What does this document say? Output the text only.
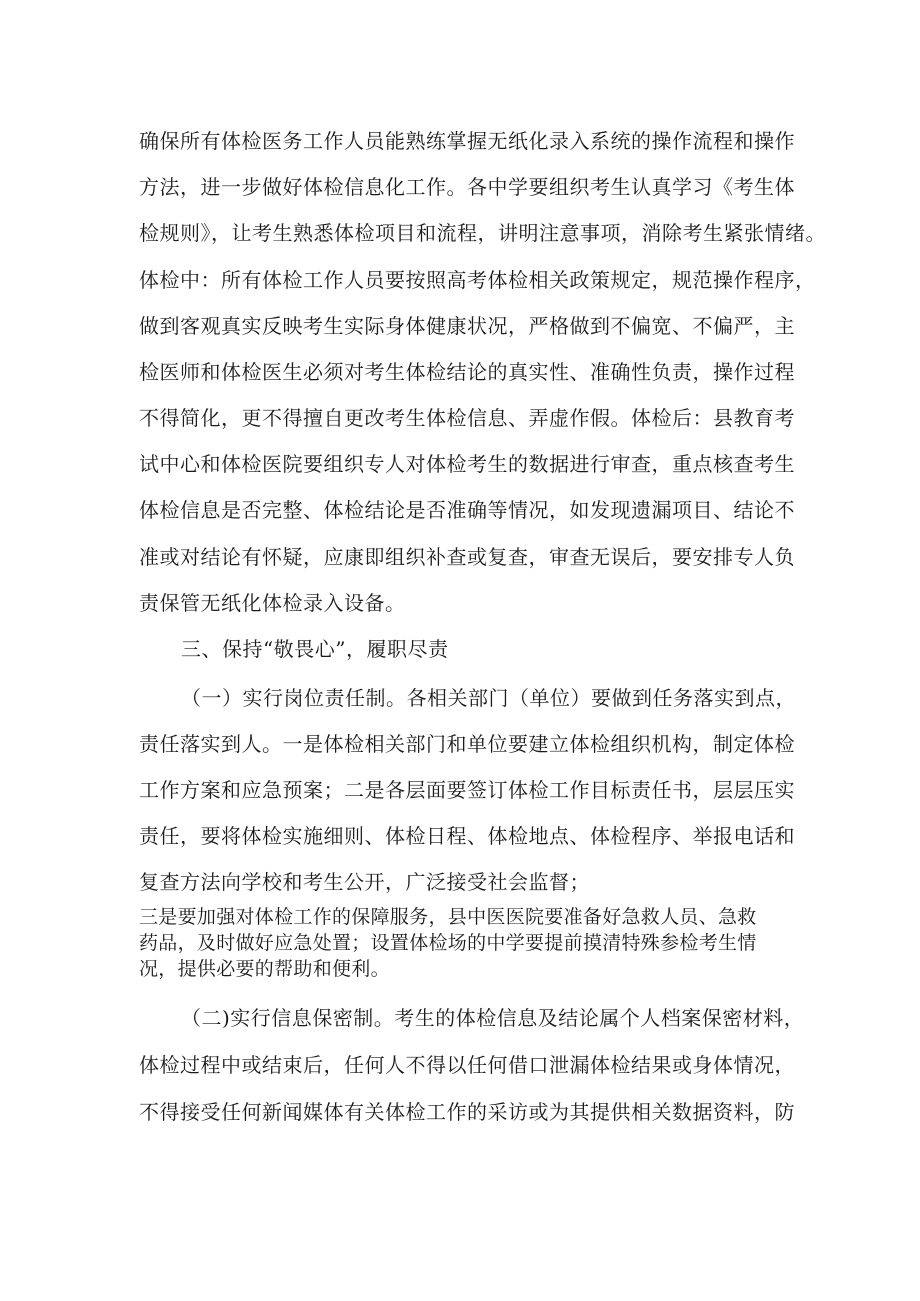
确保所有体检医务工作人员能熟练掌握无纸化录入系统的操作流程和操作
方法，进一步做好体检信息化工作。各中学要组织考生认真学习《考生体
检规则》，让考生熟悉体检项目和流程，讲明注意事项，消除考生紧张情绪。
体检中：所有体检工作人员要按照高考体检相关政策规定，规范操作程序，
做到客观真实反映考生实际身体健康状况，严格做到不偏宽、不偏严，主
检医师和体检医生必须对考生体检结论的真实性、准确性负责，操作过程
不得简化，更不得擅自更改考生体检信息、弄虚作假。体检后：县教育考
试中心和体检医院要组织专人对体检考生的数据进行审查，重点核查考生
体检信息是否完整、体检结论是否准确等情况，如发现遗漏项目、结论不
准或对结论有怀疑，应康即组织补查或复查，审查无误后，要安排专人负
责保管无纸化体检录入设备。
三、保持“敬畏心”，履职尽责
（一）实行岗位责任制。各相关部门（单位）要做到任务落实到点，
责任落实到人。一是体检相关部门和单位要建立体检组织机构，制定体检
工作方案和应急预案；二是各层面要签订体检工作目标责任书，层层压实
责任，要将体检实施细则、体检日程、体检地点、体检程序、举报电话和
复查方法向学校和考生公开，广泛接受社会监督；
三是要加强对体检工作的保障服务，县中医医院要准备好急救人员、急救
药品，及时做好应急处置；设置体检场的中学要提前摸清特殊参检考生情
况，提供必要的帮助和便利。
（二)实行信息保密制。考生的体检信息及结论属个人档案保密材料，
体检过程中或结束后，任何人不得以任何借口泄漏体检结果或身体情况，
不得接受任何新闻媒体有关体检工作的采访或为其提供相关数据资料，防
